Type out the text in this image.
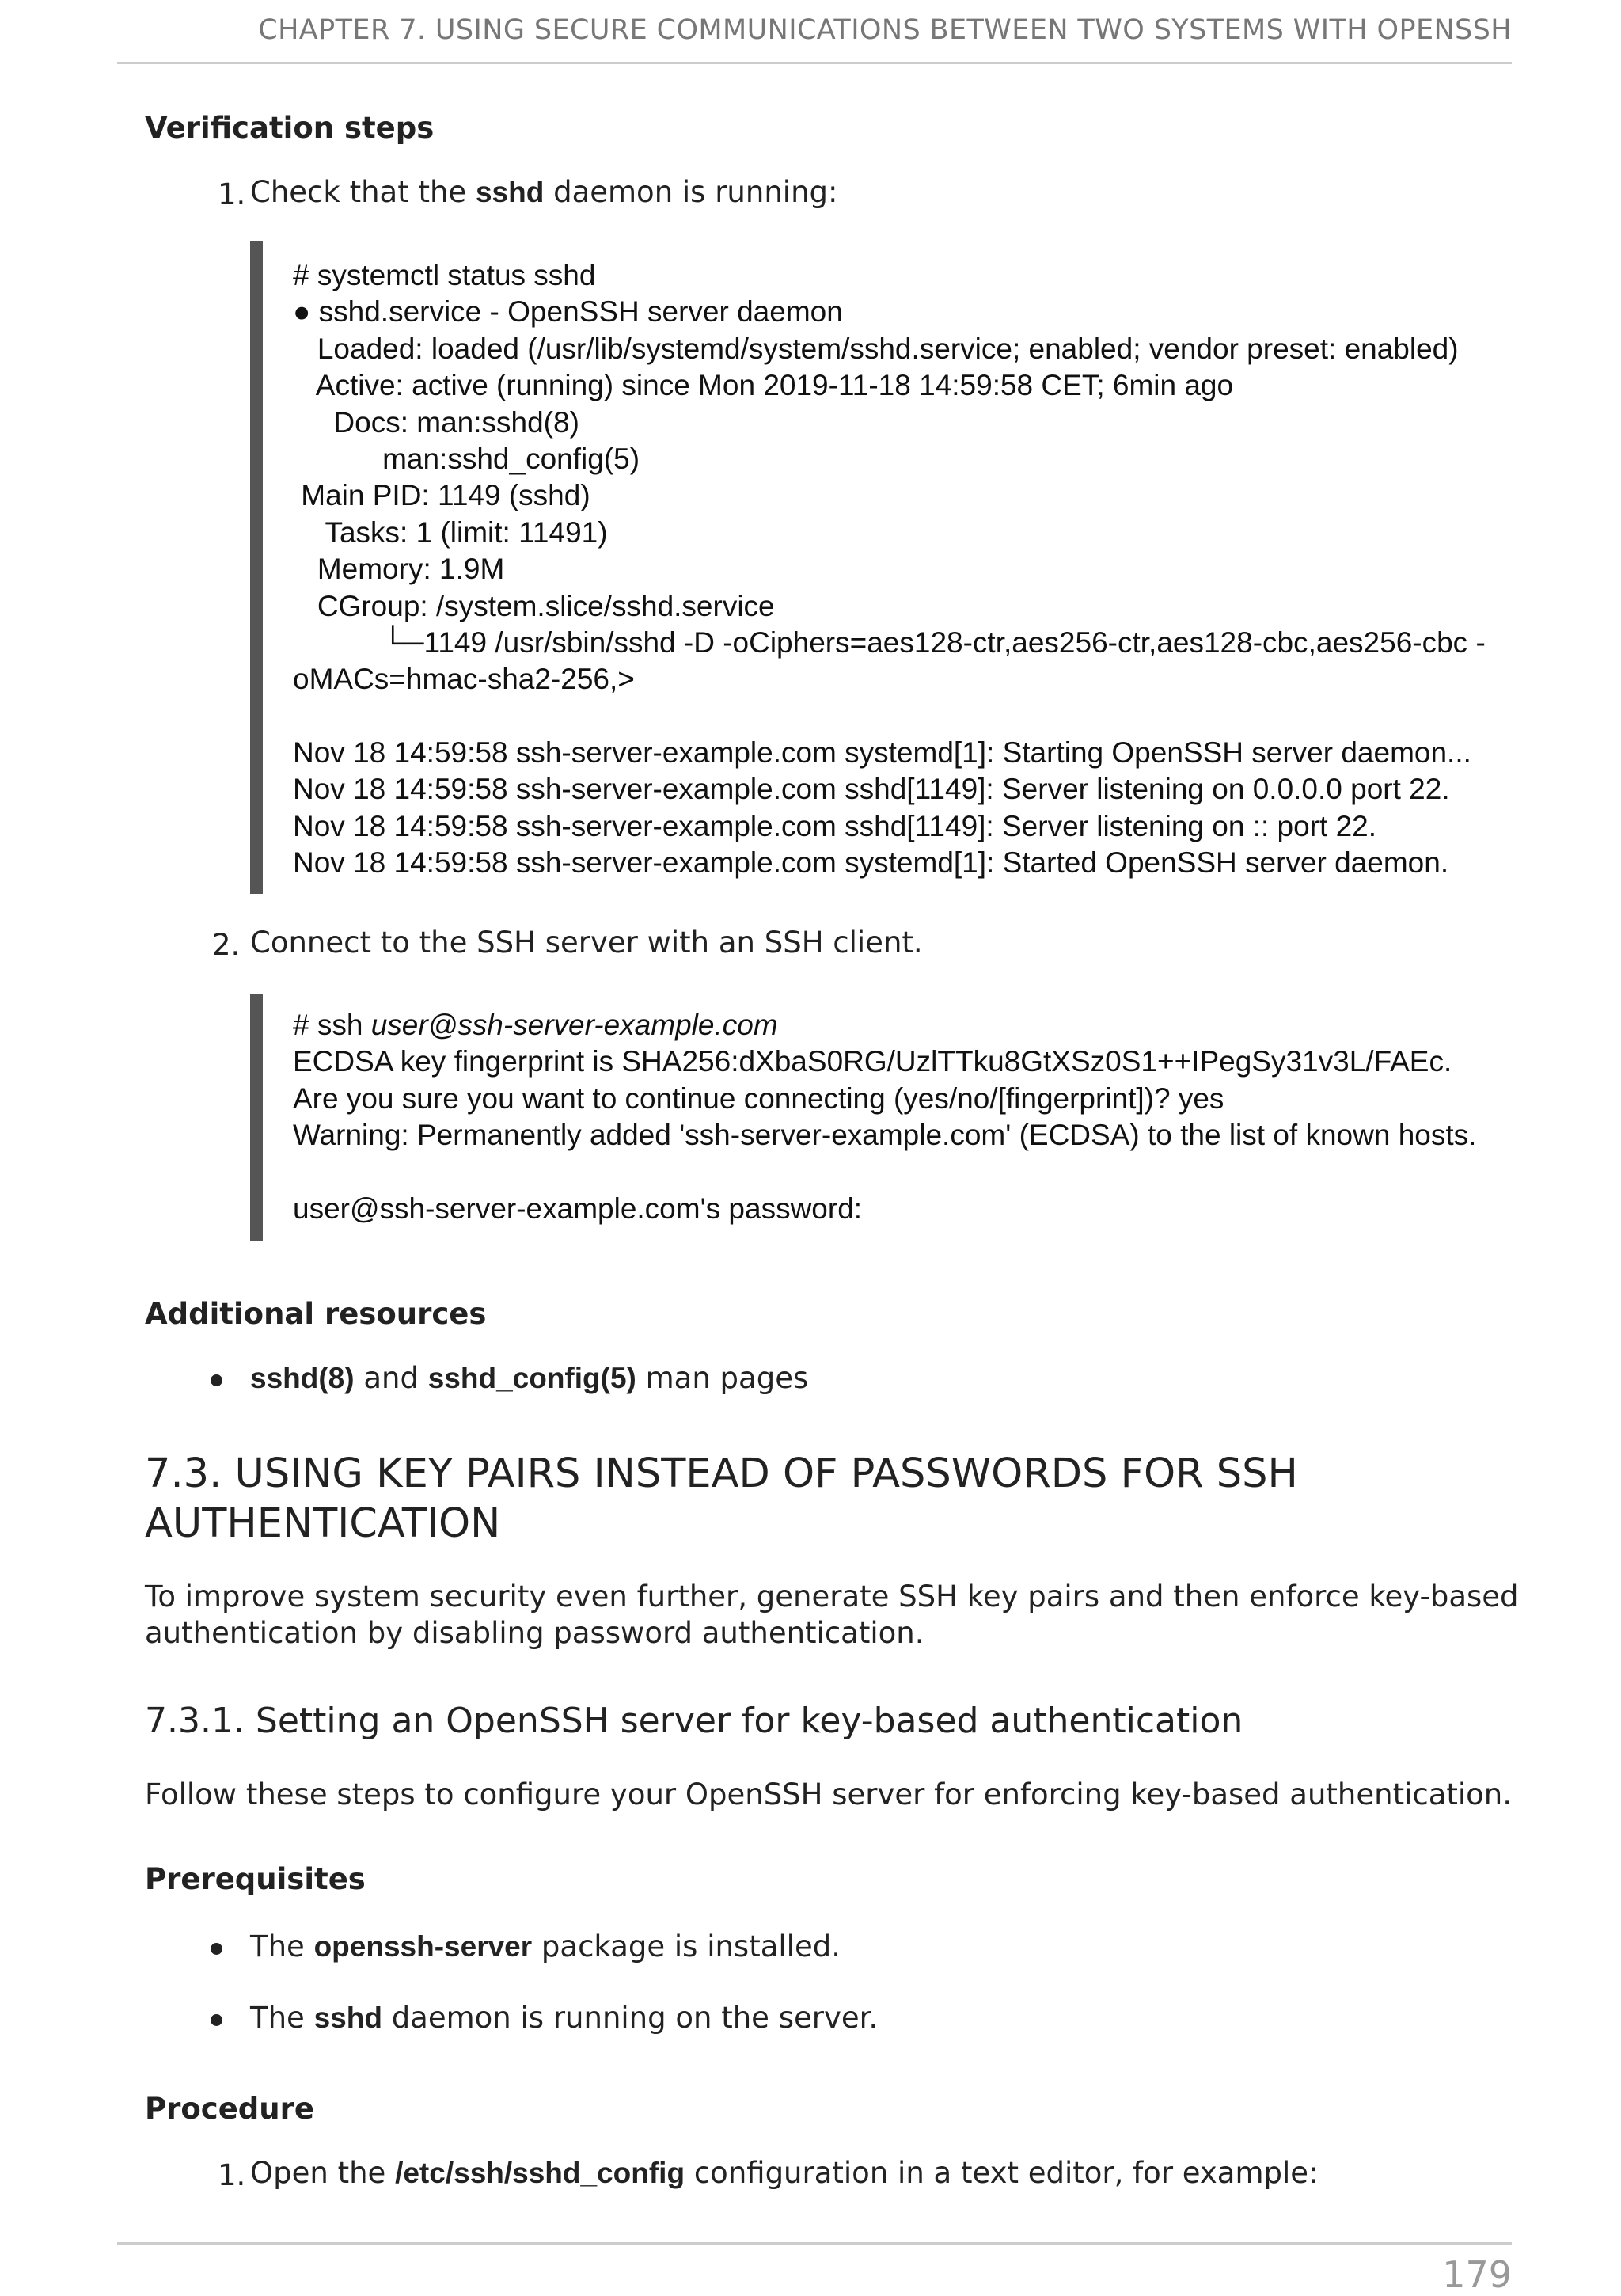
CHAPTER 7. USING SECURE COMMUNICATIONS BETWEEN TWO SYSTEMS WITH OPENSSH
Verification steps
1. Check that the sshd daemon is running:
# systemctl status sshd
● sshd.service - OpenSSH server daemon
Loaded: loaded (/usr/lib/systemd/system/sshd.service; enabled; vendor preset: enabled)
Active: active (running) since Mon 2019-11-18 14:59:58 CET; 6min ago
Docs: man:sshd(8)
man:sshd_config(5)
Main PID: 1149 (sshd)
Tasks: 1 (limit: 11491)
Memory: 1.9M
CGroup: /system.slice/sshd.service
└─1149 /usr/sbin/sshd -D -oCiphers=aes128-ctr,aes256-ctr,aes128-cbc,aes256-cbc -
oMACs=hmac-sha2-256,>
Nov 18 14:59:58 ssh-server-example.com systemd[1]: Starting OpenSSH server daemon...
Nov 18 14:59:58 ssh-server-example.com sshd[1149]: Server listening on 0.0.0.0 port 22.
Nov 18 14:59:58 ssh-server-example.com sshd[1149]: Server listening on :: port 22.
Nov 18 14:59:58 ssh-server-example.com systemd[1]: Started OpenSSH server daemon.
2. Connect to the SSH server with an SSH client.
# ssh user@ssh-server-example.com
ECDSA key fingerprint is SHA256:dXbaS0RG/UzlTTku8GtXSz0S1++IPegSy31v3L/FAEc.
Are you sure you want to continue connecting (yes/no/[fingerprint])? yes
Warning: Permanently added 'ssh-server-example.com' (ECDSA) to the list of known hosts.
user@ssh-server-example.com's password:
Additional resources
sshd(8) and sshd_config(5) man pages
7.3. USING KEY PAIRS INSTEAD OF PASSWORDS FOR SSH
AUTHENTICATION
To improve system security even further, generate SSH key pairs and then enforce key-based
authentication by disabling password authentication.
7.3.1. Setting an OpenSSH server for key-based authentication
Follow these steps to configure your OpenSSH server for enforcing key-based authentication.
Prerequisites
The openssh-server package is installed.
The sshd daemon is running on the server.
Procedure
1. Open the /etc/ssh/sshd_config configuration in a text editor, for example:
179
